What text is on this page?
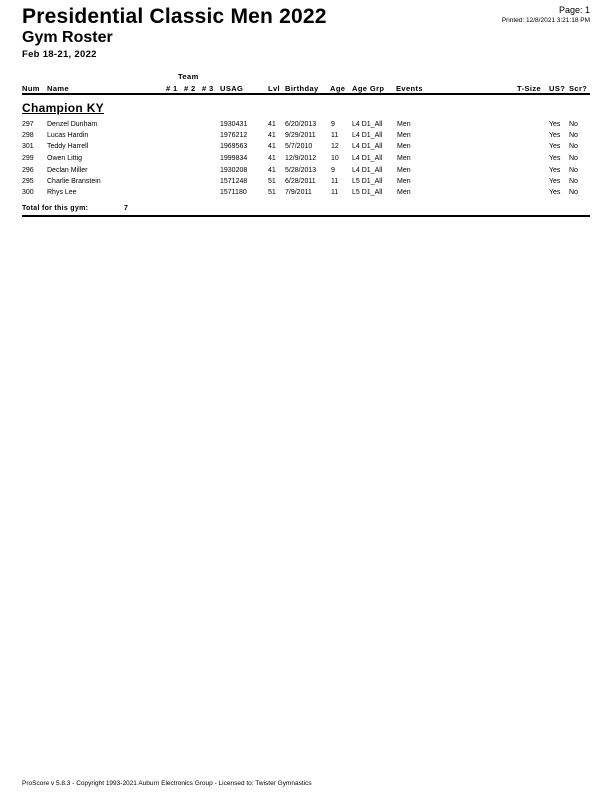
Presidential Classic Men 2022
Gym Roster
Feb 18-21, 2022
Page: 1
Printed: 12/8/2021 3:21:18 PM
Team
Num Name	# 1 # 2 # 3 USAG	Lvl Birthday Age Age Grp Events	T-Size US? Scr?
Champion KY
297 Denzel Dunham	1930431	41 6/20/2013 9 L4 D1_All Men	Yes No
298 Lucas Hardin	1976212	41 9/29/2011 11 L4 D1_All Men	Yes No
301 Teddy Harrell	1969563	41 5/7/2010	12 L4 D1_All Men	Yes No
299 Owen Littig	1999834	41 12/9/2012 10 L4 D1_All Men	Yes No
296 Declan Miller	1930208	41 5/28/2013 9 L4 D1_All Men	Yes No
295 Charlie Branstein	1571248	51 6/28/2011 11 L5 D1_All Men	Yes No
300 Rhys Lee	1571180	51 7/9/2011	11 L5 D1_All Men	Yes No
Total for this gym:	7
ProScore v 5.8.3 - Copyright 1993-2021 Auburn Electronics Group - Licensed to: Twister Gymnastics
